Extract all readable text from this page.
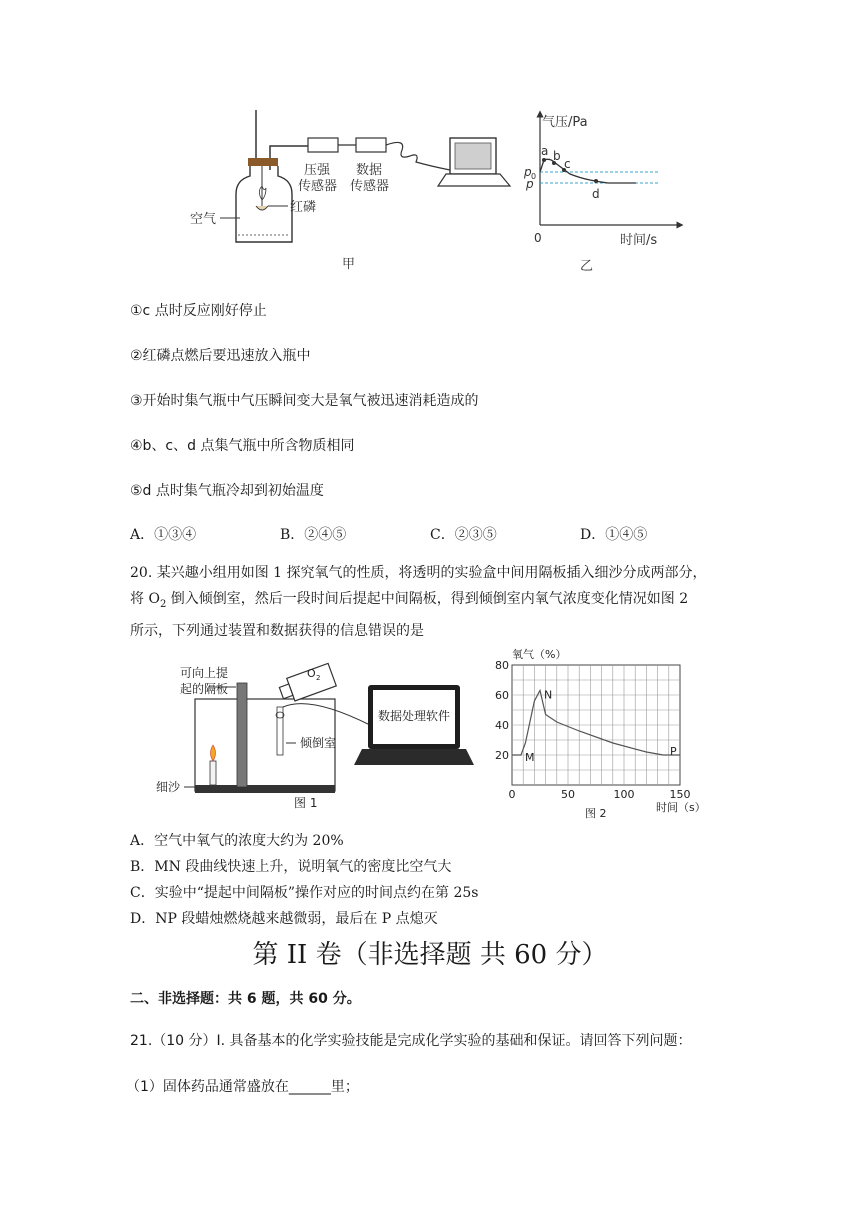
压强
传感器
数据
传感器
空气
红磷
甲
气压/Pa
时间/s
0
p 0
p
a b
c
d
乙
①c 点时反应刚好停止
②红磷点燃后要迅速放入瓶中
③开始时集气瓶中气压瞬间变大是氧气被迅速消耗造成的
④b、c、d 点集气瓶中所含物质相同
⑤d 点时集气瓶冷却到初始温度
A．①③④	B．②④⑤	C．②③⑤	D．①④⑤
20. 某兴趣小组用如图 1 探究氧气的性质，将透明的实验盒中间用隔板插入细沙分成两部分，
将 $O_2$ 倒入倾倒室，然后一段时间后提起中间隔板，得到倾倒室内氧气浓度变化情况如图 2
所示，下列通过装置和数据获得的信息错误的是
可向上提
起的隔板
O 2
数据处理软件
倾倒室
细沙
图 1
0	50	100	150
20
40
60
80
M
N
P
氧气（%）
时间（s）
图 2
A．空气中氧气的浓度大约为 20%
B．MN 段曲线快速上升，说明氧气的密度比空气大
C．实验中“提起中间隔板”操作对应的时间点约在第 25s
D．NP 段蜡烛燃烧越来越微弱，最后在 P 点熄灭
第 II 卷（非选择题 共 60 分）
二、非选择题：共 6 题，共 60 分。
21.（10 分）I. 具备基本的化学实验技能是完成化学实验的基础和保证。请回答下列问题：
（1）固体药品通常盛放在______里；
